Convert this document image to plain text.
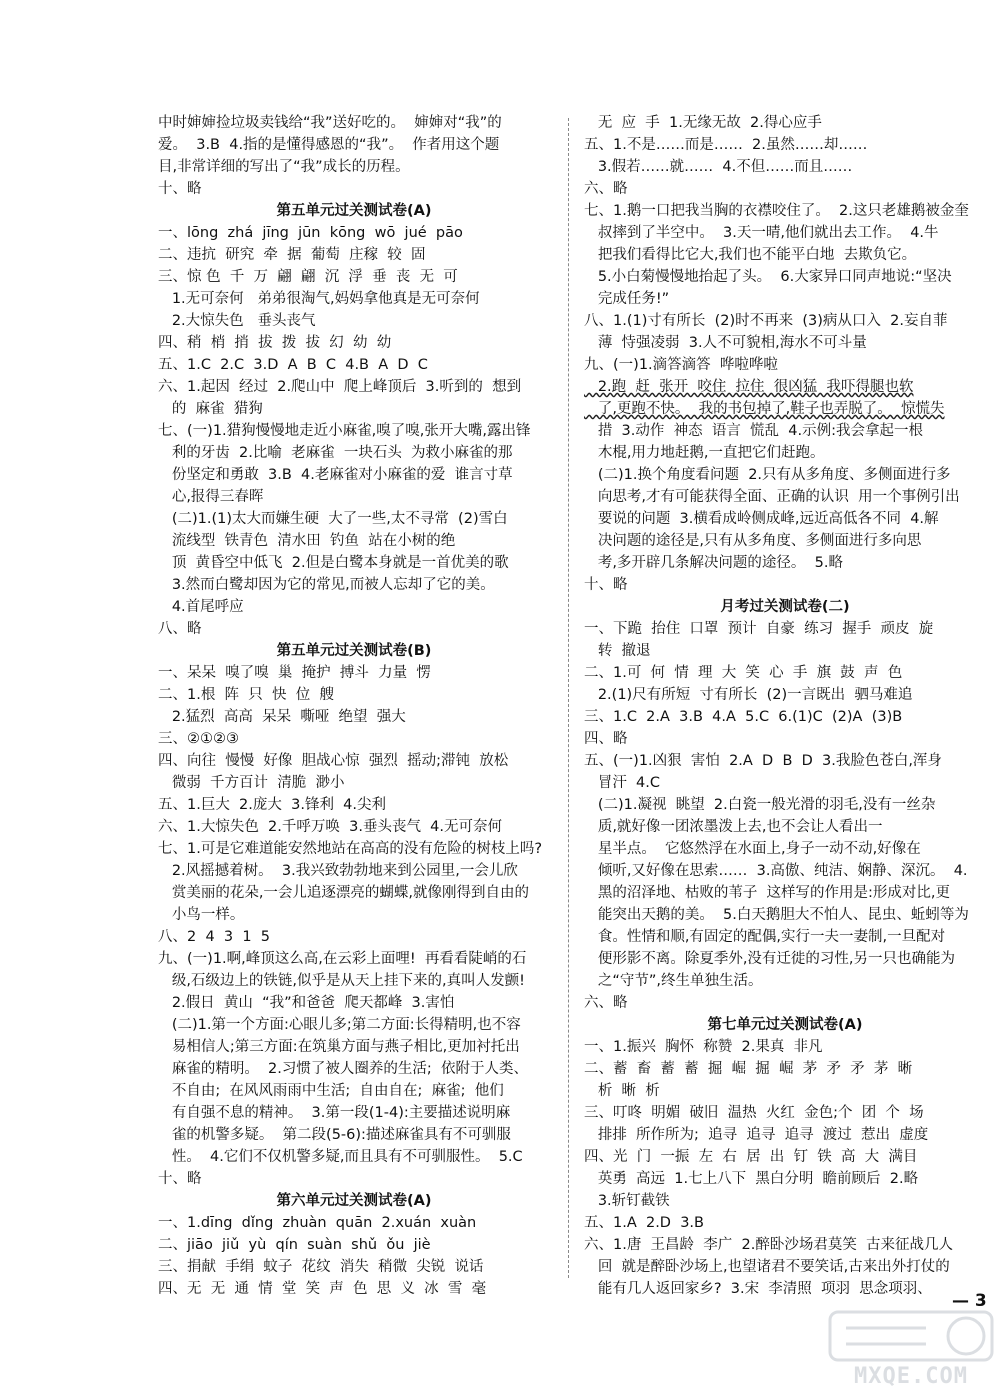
中时婶婶捡垃圾卖钱给“我”送好吃的。  婶婶对“我”的
爱。  3.B  4.指的是懂得感恩的“我”。  作者用这个题
目,非常详细的写出了“我”成长的历程。
十、略
第五单元过关测试卷(A)
一、lōng  zhá  jīng  jūn  kōng  wō  jué  pāo
二、违抗  研究  牵  据  葡萄  庄稼  较  固
三、惊 色  千  万  翩  翩  沉  浮  垂  丧  无  可
1.无可奈何   弟弟很淘气,妈妈拿他真是无可奈何
2.大惊失色   垂头丧气
四、稍  梢  捎  拔  拨  拔  幻  幼  幼
五、1.C  2.C  3.D  A  B  C  4.B  A  D  C
六、1.起因  经过  2.爬山中  爬上峰顶后  3.听到的  想到
的  麻雀  猎狗
七、(一)1.猎狗慢慢地走近小麻雀,嗅了嗅,张开大嘴,露出锋
利的牙齿  2.比喻  老麻雀  一块石头  为救小麻雀的那
份坚定和勇敢  3.B  4.老麻雀对小麻雀的爱  谁言寸草
心,报得三春晖
(二)1.(1)太大而嫌生硬  大了一些,太不寻常  (2)雪白
流线型  铁青色  清水田  钓鱼  站在小树的绝
顶  黄昏空中低飞  2.但是白鹭本身就是一首优美的歌
3.然而白鹭却因为它的常见,而被人忘却了它的美。
4.首尾呼应
八、略
第五单元过关测试卷(B)
一、呆呆  嗅了嗅  巢  掩护  搏斗  力量  愣
二、1.根  阵  只  快  位  艘
2.猛烈  高高  呆呆  嘶哑  绝望  强大
三、②①②③
四、向往  慢慢  好像  胆战心惊  强烈  摇动;滞钝  放松
微弱  千方百计  清脆  渺小
五、1.巨大  2.庞大  3.锋利  4.尖利
六、1.大惊失色  2.千呼万唤  3.垂头丧气  4.无可奈何
七、1.可是它难道能安然地站在高高的没有危险的树枝上吗?
2.风摇撼着树。  3.我兴致勃勃地来到公园里,一会儿欣
赏美丽的花朵,一会儿追逐漂亮的蝴蝶,就像刚得到自由的
小鸟一样。
八、2  4  3  1  5
九、(一)1.啊,峰顶这么高,在云彩上面哩!  再看看陡峭的石
级,石级边上的铁链,似乎是从天上挂下来的,真叫人发颤!
2.假日  黄山  “我”和爸爸  爬天都峰  3.害怕
(二)1.第一个方面:心眼儿多;第二方面:长得精明,也不容
易相信人;第三方面:在筑巢方面与燕子相比,更加衬托出
麻雀的精明。  2.习惯了被人圈养的生活;  依附于人类、
不自由;  在风风雨雨中生活;  自由自在;  麻雀;  他们
有自强不息的精神。  3.第一段(1-4):主要描述说明麻
雀的机警多疑。  第二段(5-6):描述麻雀具有不可驯服
性。  4.它们不仅机警多疑,而且具有不可驯服性。  5.C
十、略
第六单元过关测试卷(A)
一、1.dīng  dǐng  zhuàn  quān  2.xuán  xuàn
二、jiāo  jiǔ  yù  qín  suàn  shǔ  ǒu  jiè
三、捐献  手绢  蚊子  花纹  消失  稍微  尖锐  说话
四、无  无  通  情  堂  笑  声  色  思  义  冰  雪  毫
无  应  手  1.无缘无故  2.得心应手
五、1.不是……而是……  2.虽然……却……
3.假若……就……  4.不但……而且……
六、略
七、1.鹅一口把我当胸的衣襟咬住了。  2.这只老雄鹅被金奎
叔摔到了半空中。  3.天一晴,他们就出去工作。  4.牛
把我们看得比它大,我们也不能平白地  去欺负它。
5.小白菊慢慢地抬起了头。  6.大家异口同声地说:“坚决
完成任务!”
八、1.(1)寸有所长  (2)时不再来  (3)病从口入  2.妄自菲
薄  恃强凌弱  3.人不可貌相,海水不可斗量
九、(一)1.滴答滴答  哗啦哗啦
2.跑  赶  张开  咬住  拉住  很凶猛  我吓得腿也软
了,更跑不快。  我的书包掉了,鞋子也弄脱了。  惊慌失
措  3.动作  神态  语言  慌乱  4.示例:我会拿起一根
木棍,用力地赶鹅,一直把它们赶跑。
(二)1.换个角度看问题  2.只有从多角度、多侧面进行多
向思考,才有可能获得全面、正确的认识  用一个事例引出
要说的问题  3.横看成岭侧成峰,远近高低各不同  4.解
决问题的途径是,只有从多角度、多侧面进行多向思
考,多开辟几条解决问题的途径。  5.略
十、略
月考过关测试卷(二)
一、下跪  抬住  口罩  预计  自豪  练习  握手  顽皮  旋
转  撤退
二、1.可  何  情  理  大  笑  心  手  旗  鼓  声  色
2.(1)尺有所短  寸有所长  (2)一言既出  驷马难追
三、1.C  2.A  3.B  4.A  5.C  6.(1)C  (2)A  (3)B
四、略
五、(一)1.凶狠  害怕  2.A  D  B  D  3.我脸色苍白,浑身
冒汗  4.C
(二)1.凝视  眺望  2.白瓷一般光滑的羽毛,没有一丝杂
质,就好像一团浓墨泼上去,也不会让人看出一
星半点。  它悠然浮在水面上,身子一动不动,好像在
倾听,又好像在思索……  3.高傲、纯洁、娴静、深沉。  4.
黑的沼泽地、枯败的苇子  这样写的作用是:形成对比,更
能突出天鹅的美。  5.白天鹅胆大不怕人、昆虫、蚯蚓等为
食。性情和顺,有固定的配偶,实行一夫一妻制,一旦配对
便形影不离。除夏季外,没有迁徙的习性,另一只也确能为
之“守节”,终生单独生活。
六、略
第七单元过关测试卷(A)
一、1.振兴  胸怀  称赞  2.果真  非凡
二、蓄  畜  蓄  蓄  掘  崛  掘  崛  茅  矛  矛  茅  晰
析  晰  析
三、叮咚  明媚  破旧  温热  火红  金色;个  团  个  场
排排  所作所为;  追寻  追寻  追寻  渡过  惹出  虚度
四、光  门  一振  左  右  居  出  钉  铁  高  大  满目
英勇  高远  1.七上八下  黑白分明  瞻前顾后  2.略
3.斩钉截铁
五、1.A  2.D  3.B
六、1.唐  王昌龄  李广  2.醉卧沙场君莫笑  古来征战几人
回  就是醉卧沙场上,也望诸君不要笑话,古来出外打仗的
能有几人返回家乡?  3.宋  李清照  项羽  思念项羽、
— 3
MXQE.COM
